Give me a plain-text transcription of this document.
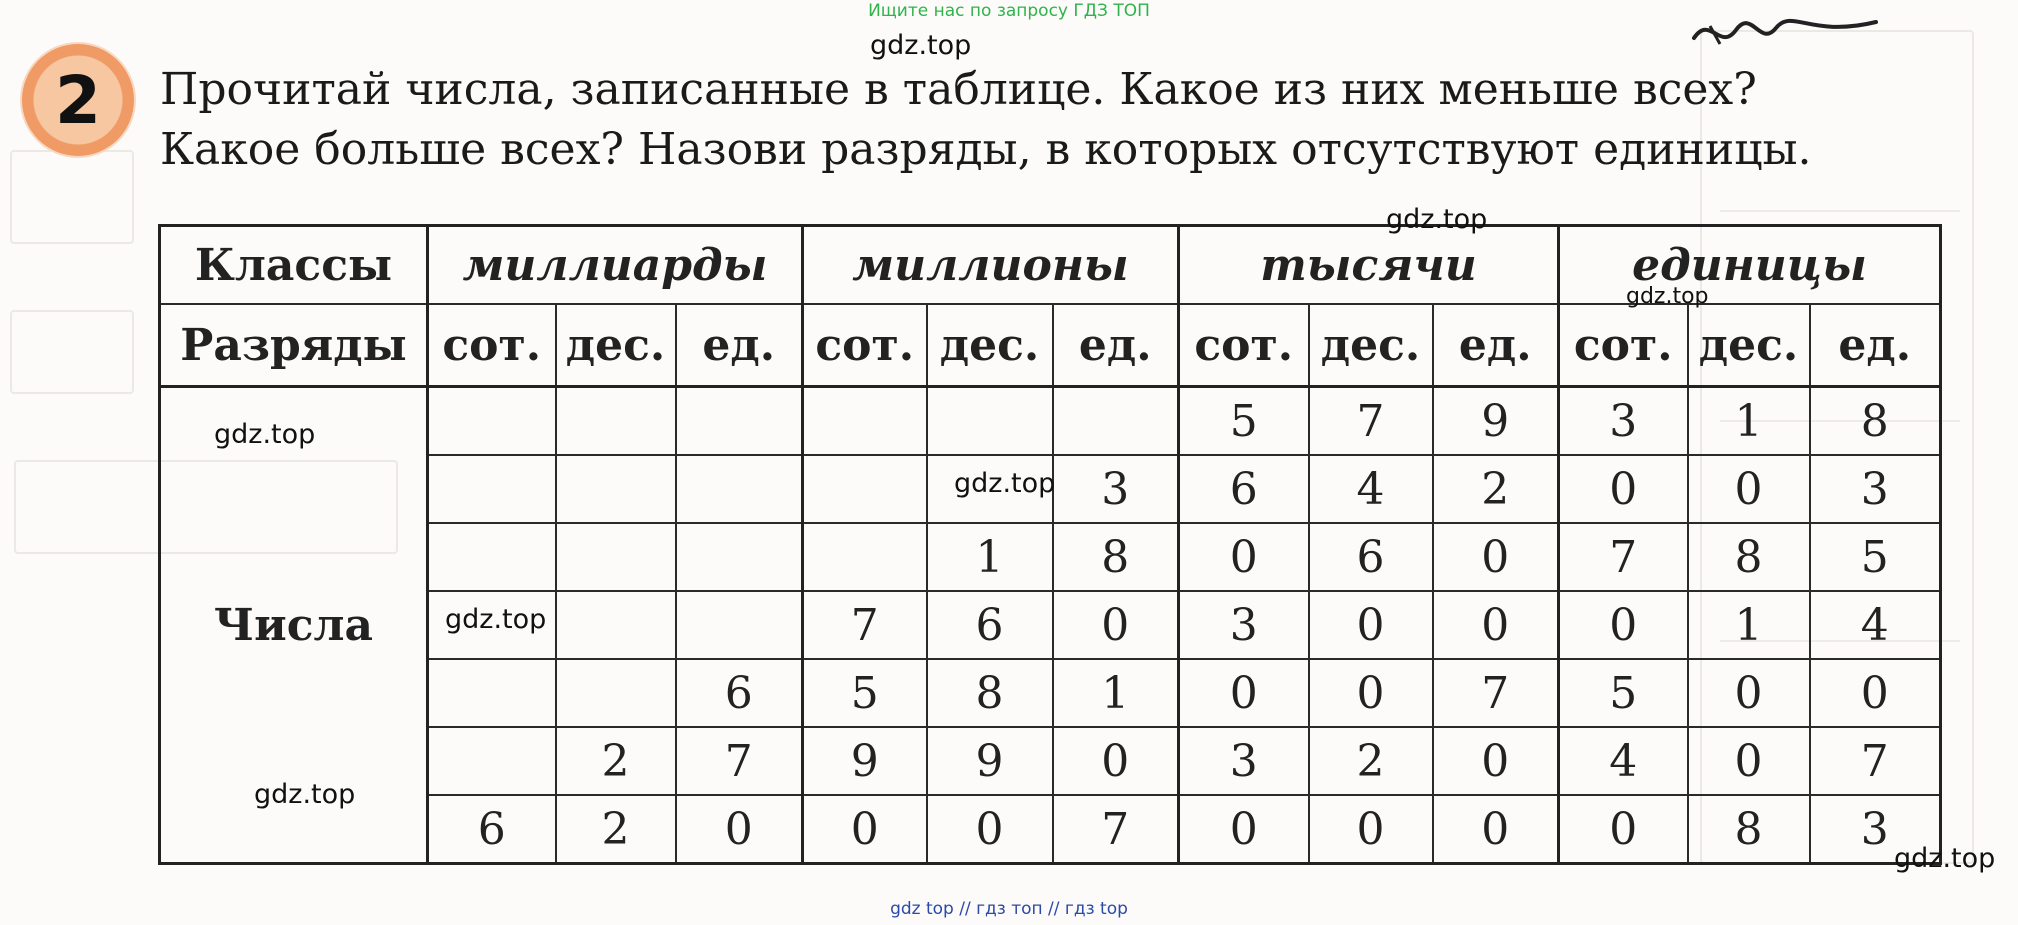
Ищите нас по запросу ГДЗ ТОП
2	Прочитай числа, записанные в таблице. Какое из них меньше всех?
Какое больше всех? Назови разряды, в которых отсутствуют единицы.
Классы	миллиарды			миллионы			тысячи			единицы		
Разряды	сот.	дес.	ед.	сот.	дес.	ед.	сот.	дес.	ед.	сот.	дес.	ед.
Числа							5	7	9	3	1	8
						3	6	4	2	0	0	3
					1	8	0	6	0	7	8	5
				7	6	0	3	0	0	0	1	4
			6	5	8	1	0	0	7	5	0	0
		2	7	9	9	0	3	2	0	4	0	7
	6	2	0	0	0	7	0	0	0	0	8	3
gdz.top
gdz.top
gdz.top
gdz.top
gdz.top
gdz.top
gdz.top
gdz.top
gdz top // гдз топ // гдз top
